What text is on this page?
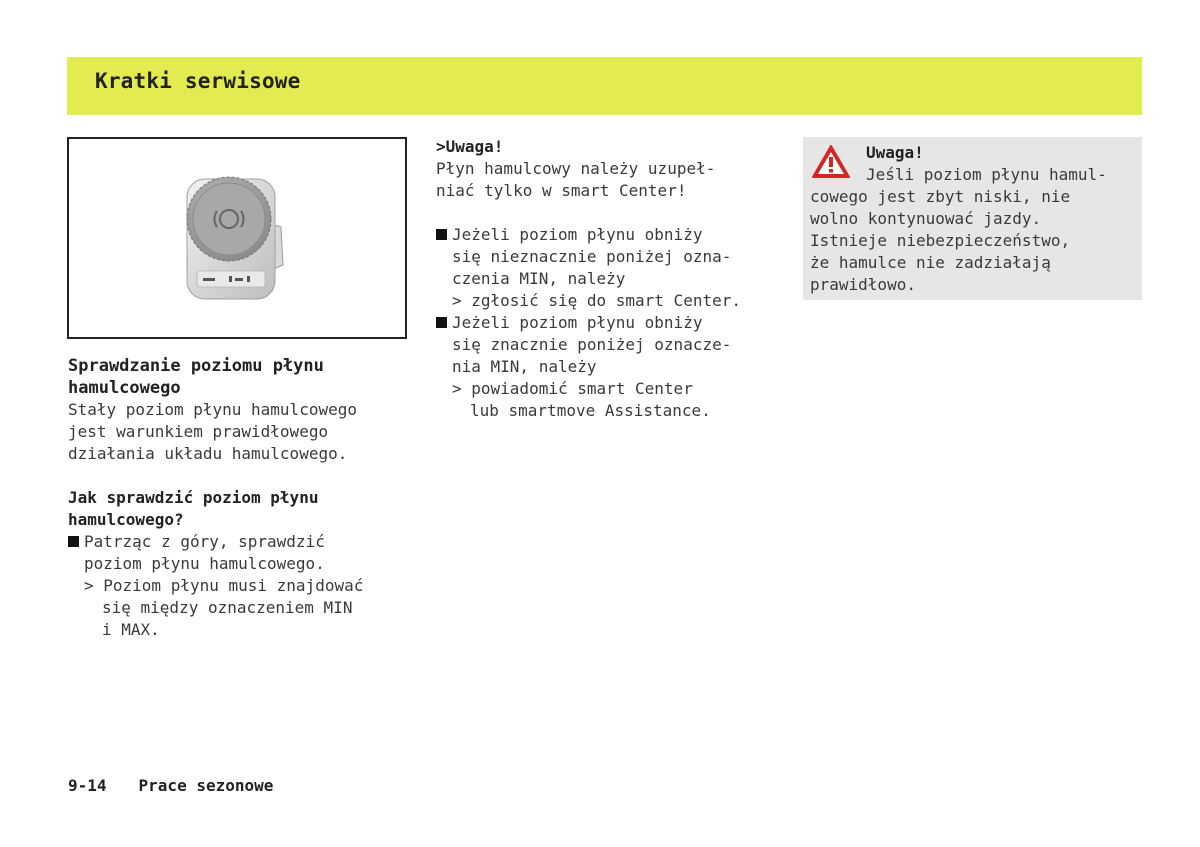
Kratki serwisowe
Sprawdzanie poziomu płynu
hamulcowego
Stały poziom płynu hamulcowego
jest warunkiem prawidłowego
działania układu hamulcowego.
Jak sprawdzić poziom płynu
hamulcowego?
Patrząc z góry, sprawdzić
poziom płynu hamulcowego.
> Poziom płynu musi znajdować
się między oznaczeniem MIN
i MAX.
>Uwaga!
Płyn hamulcowy należy uzupeł-
niać tylko w smart Center!
Jeżeli poziom płynu obniży
się nieznacznie poniżej ozna-
czenia MIN, należy
> zgłosić się do smart Center.
Jeżeli poziom płynu obniży
się znacznie poniżej oznacze-
nia MIN, należy
> powiadomić smart Center
lub smartmove Assistance.
Uwaga!
Jeśli poziom płynu hamul-
cowego jest zbyt niski, nie
wolno kontynuować jazdy.
Istnieje niebezpieczeństwo,
że hamulce nie zadziałają
prawidłowo.
9-14 Prace sezonowe
